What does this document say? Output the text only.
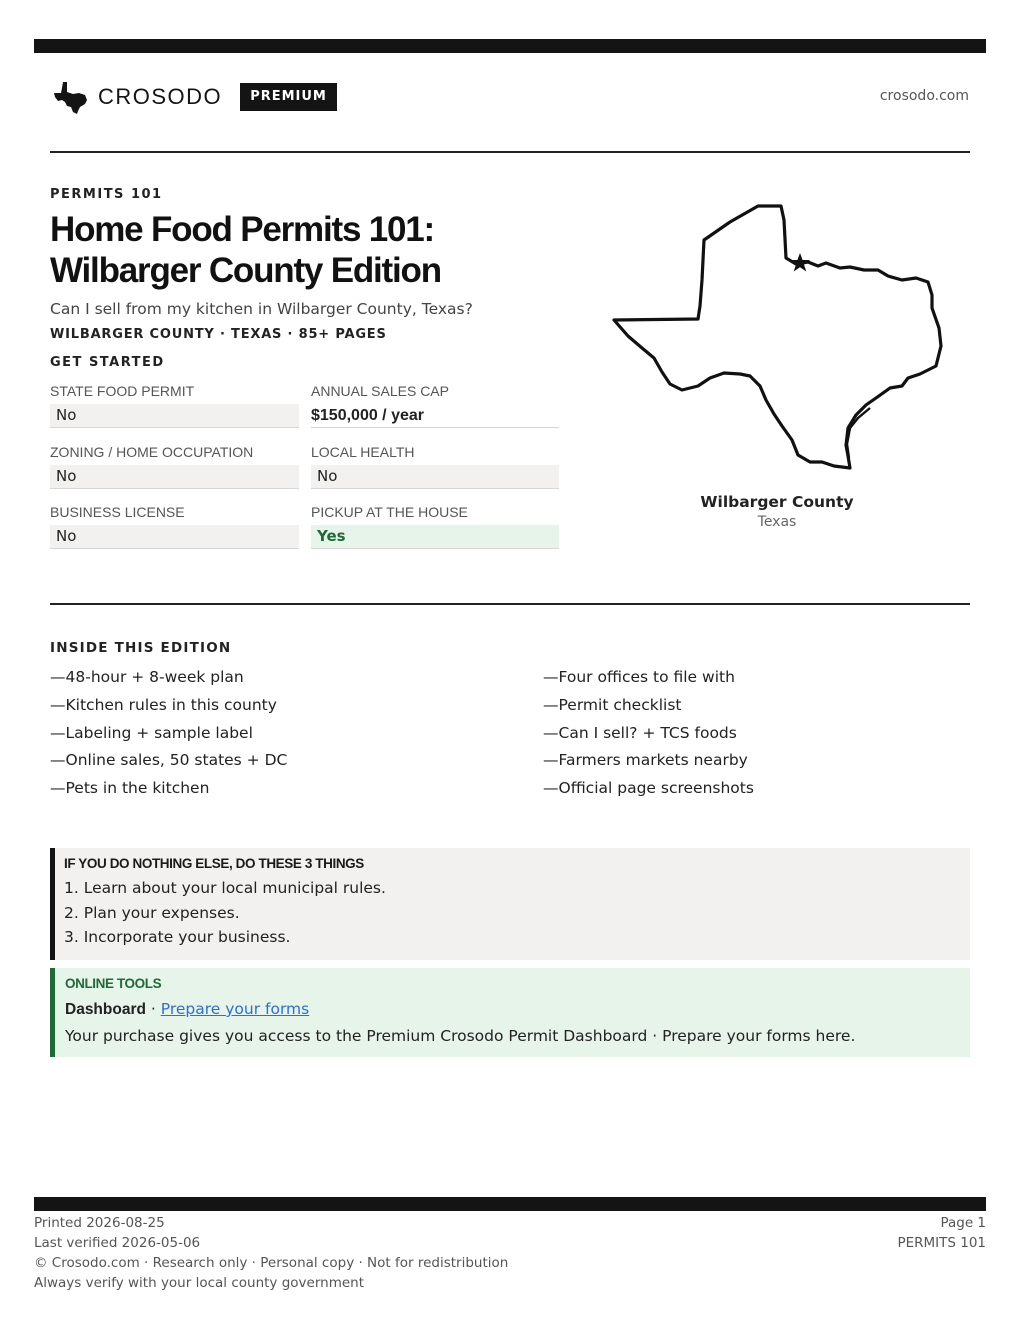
CROSODO	PREMIUM	crosodo.com
PERMITS 101
Home Food Permits 101:
Wilbarger County Edition
Can I sell from my kitchen in Wilbarger County, Texas?
WILBARGER COUNTY · TEXAS · 85+ PAGES
GET STARTED
STATE FOOD PERMIT
No
ANNUAL SALES CAP
$150,000 / year
ZONING / HOME OCCUPATION
No
LOCAL HEALTH
No
BUSINESS LICENSE
No
PICKUP AT THE HOUSE
Yes
Wilbarger County
Texas
INSIDE THIS EDITION
—48-hour + 8-week plan	—Four offices to file with
—Kitchen rules in this county	—Permit checklist
—Labeling + sample label	—Can I sell? + TCS foods
—Online sales, 50 states + DC	—Farmers markets nearby
—Pets in the kitchen	—Official page screenshots
IF YOU DO NOTHING ELSE, DO THESE 3 THINGS
1. Learn about your local municipal rules.
2. Plan your expenses.
3. Incorporate your business.
ONLINE TOOLS
Dashboard · Prepare your forms
Your purchase gives you access to the Premium Crosodo Permit Dashboard · Prepare your forms here.
Printed 2026-08-25
Last verified 2026-05-06
© Crosodo.com · Research only · Personal copy · Not for redistribution
Always verify with your local county government
Page 1
PERMITS 101
